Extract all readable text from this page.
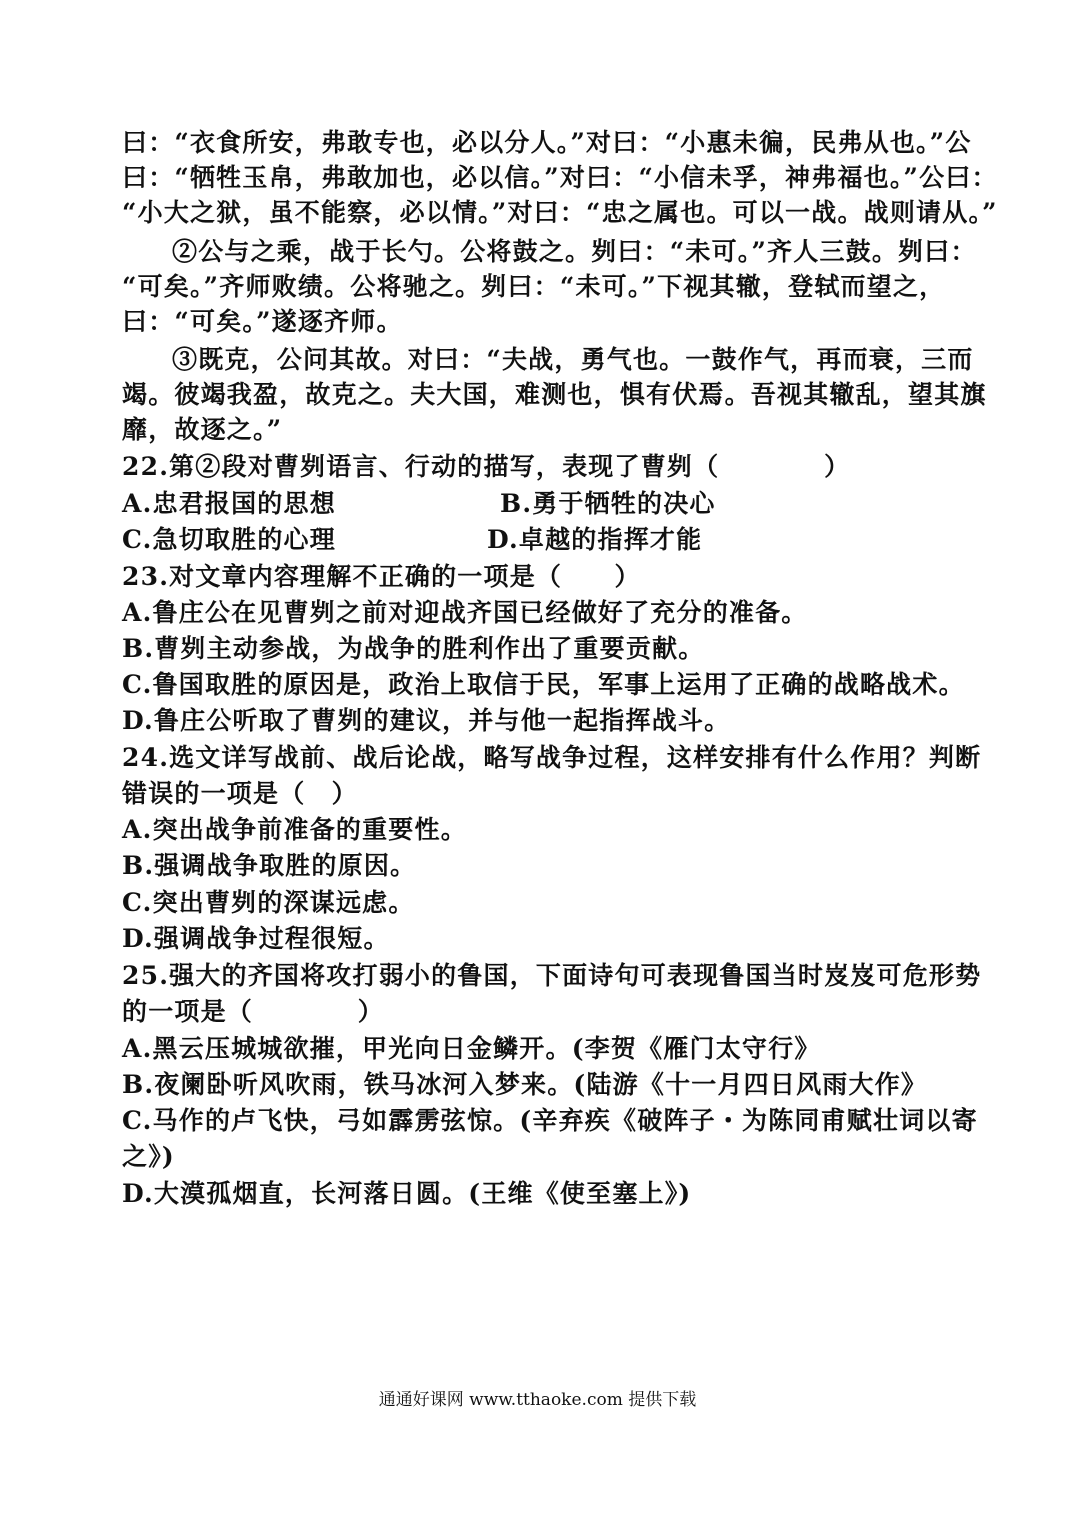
曰：“衣食所安，弗敢专也，必以分人。”对曰：“小惠未徧，民弗从也。”公
曰：“牺牲玉帛，弗敢加也，必以信。”对曰：“小信未孚，神弗福也。”公曰：
“小大之狱，虽不能察，必以情。”对曰：“忠之属也。可以一战。战则请从。”
②公与之乘，战于长勺。公将鼓之。刿曰：“未可。”齐人三鼓。刿曰：
“可矣。”齐师败绩。公将驰之。刿曰：“未可。”下视其辙，登轼而望之，
曰：“可矣。”遂逐齐师。
③既克，公问其故。对曰：“夫战，勇气也。一鼓作气，再而衰，三而
竭。彼竭我盈，故克之。夫大国，难测也，惧有伏焉。吾视其辙乱，望其旗
靡，故逐之。”
22.第②段对曹刿语言、行动的描写，表现了曹刿（　　　　）
A.忠君报国的思想	B.勇于牺牲的决心
C.急切取胜的心理	D.卓越的指挥才能
23.对文章内容理解不正确的一项是（　　）
A.鲁庄公在见曹刿之前对迎战齐国已经做好了充分的准备。
B.曹刿主动参战，为战争的胜利作出了重要贡献。
C.鲁国取胜的原因是，政治上取信于民，军事上运用了正确的战略战术。
D.鲁庄公听取了曹刿的建议，并与他一起指挥战斗。
24.选文详写战前、战后论战，略写战争过程，这样安排有什么作用？判断
错误的一项是（　）
A.突出战争前准备的重要性。
B.强调战争取胜的原因。
C.突出曹刿的深谋远虑。
D.强调战争过程很短。
25.强大的齐国将攻打弱小的鲁国，下面诗句可表现鲁国当时岌岌可危形势
的一项是（　　　　）
A.黑云压城城欲摧，甲光向日金鳞开。(李贺《雁门太守行》
B.夜阑卧听风吹雨，铁马冰河入梦来。(陆游《十一月四日风雨大作》
C.马作的卢飞快，弓如霹雳弦惊。(辛弃疾《破阵子・为陈同甫赋壮词以寄
之》)
D.大漠孤烟直，长河落日圆。(王维《使至塞上》)
通通好课网 www.tthaoke.com 提供下载
